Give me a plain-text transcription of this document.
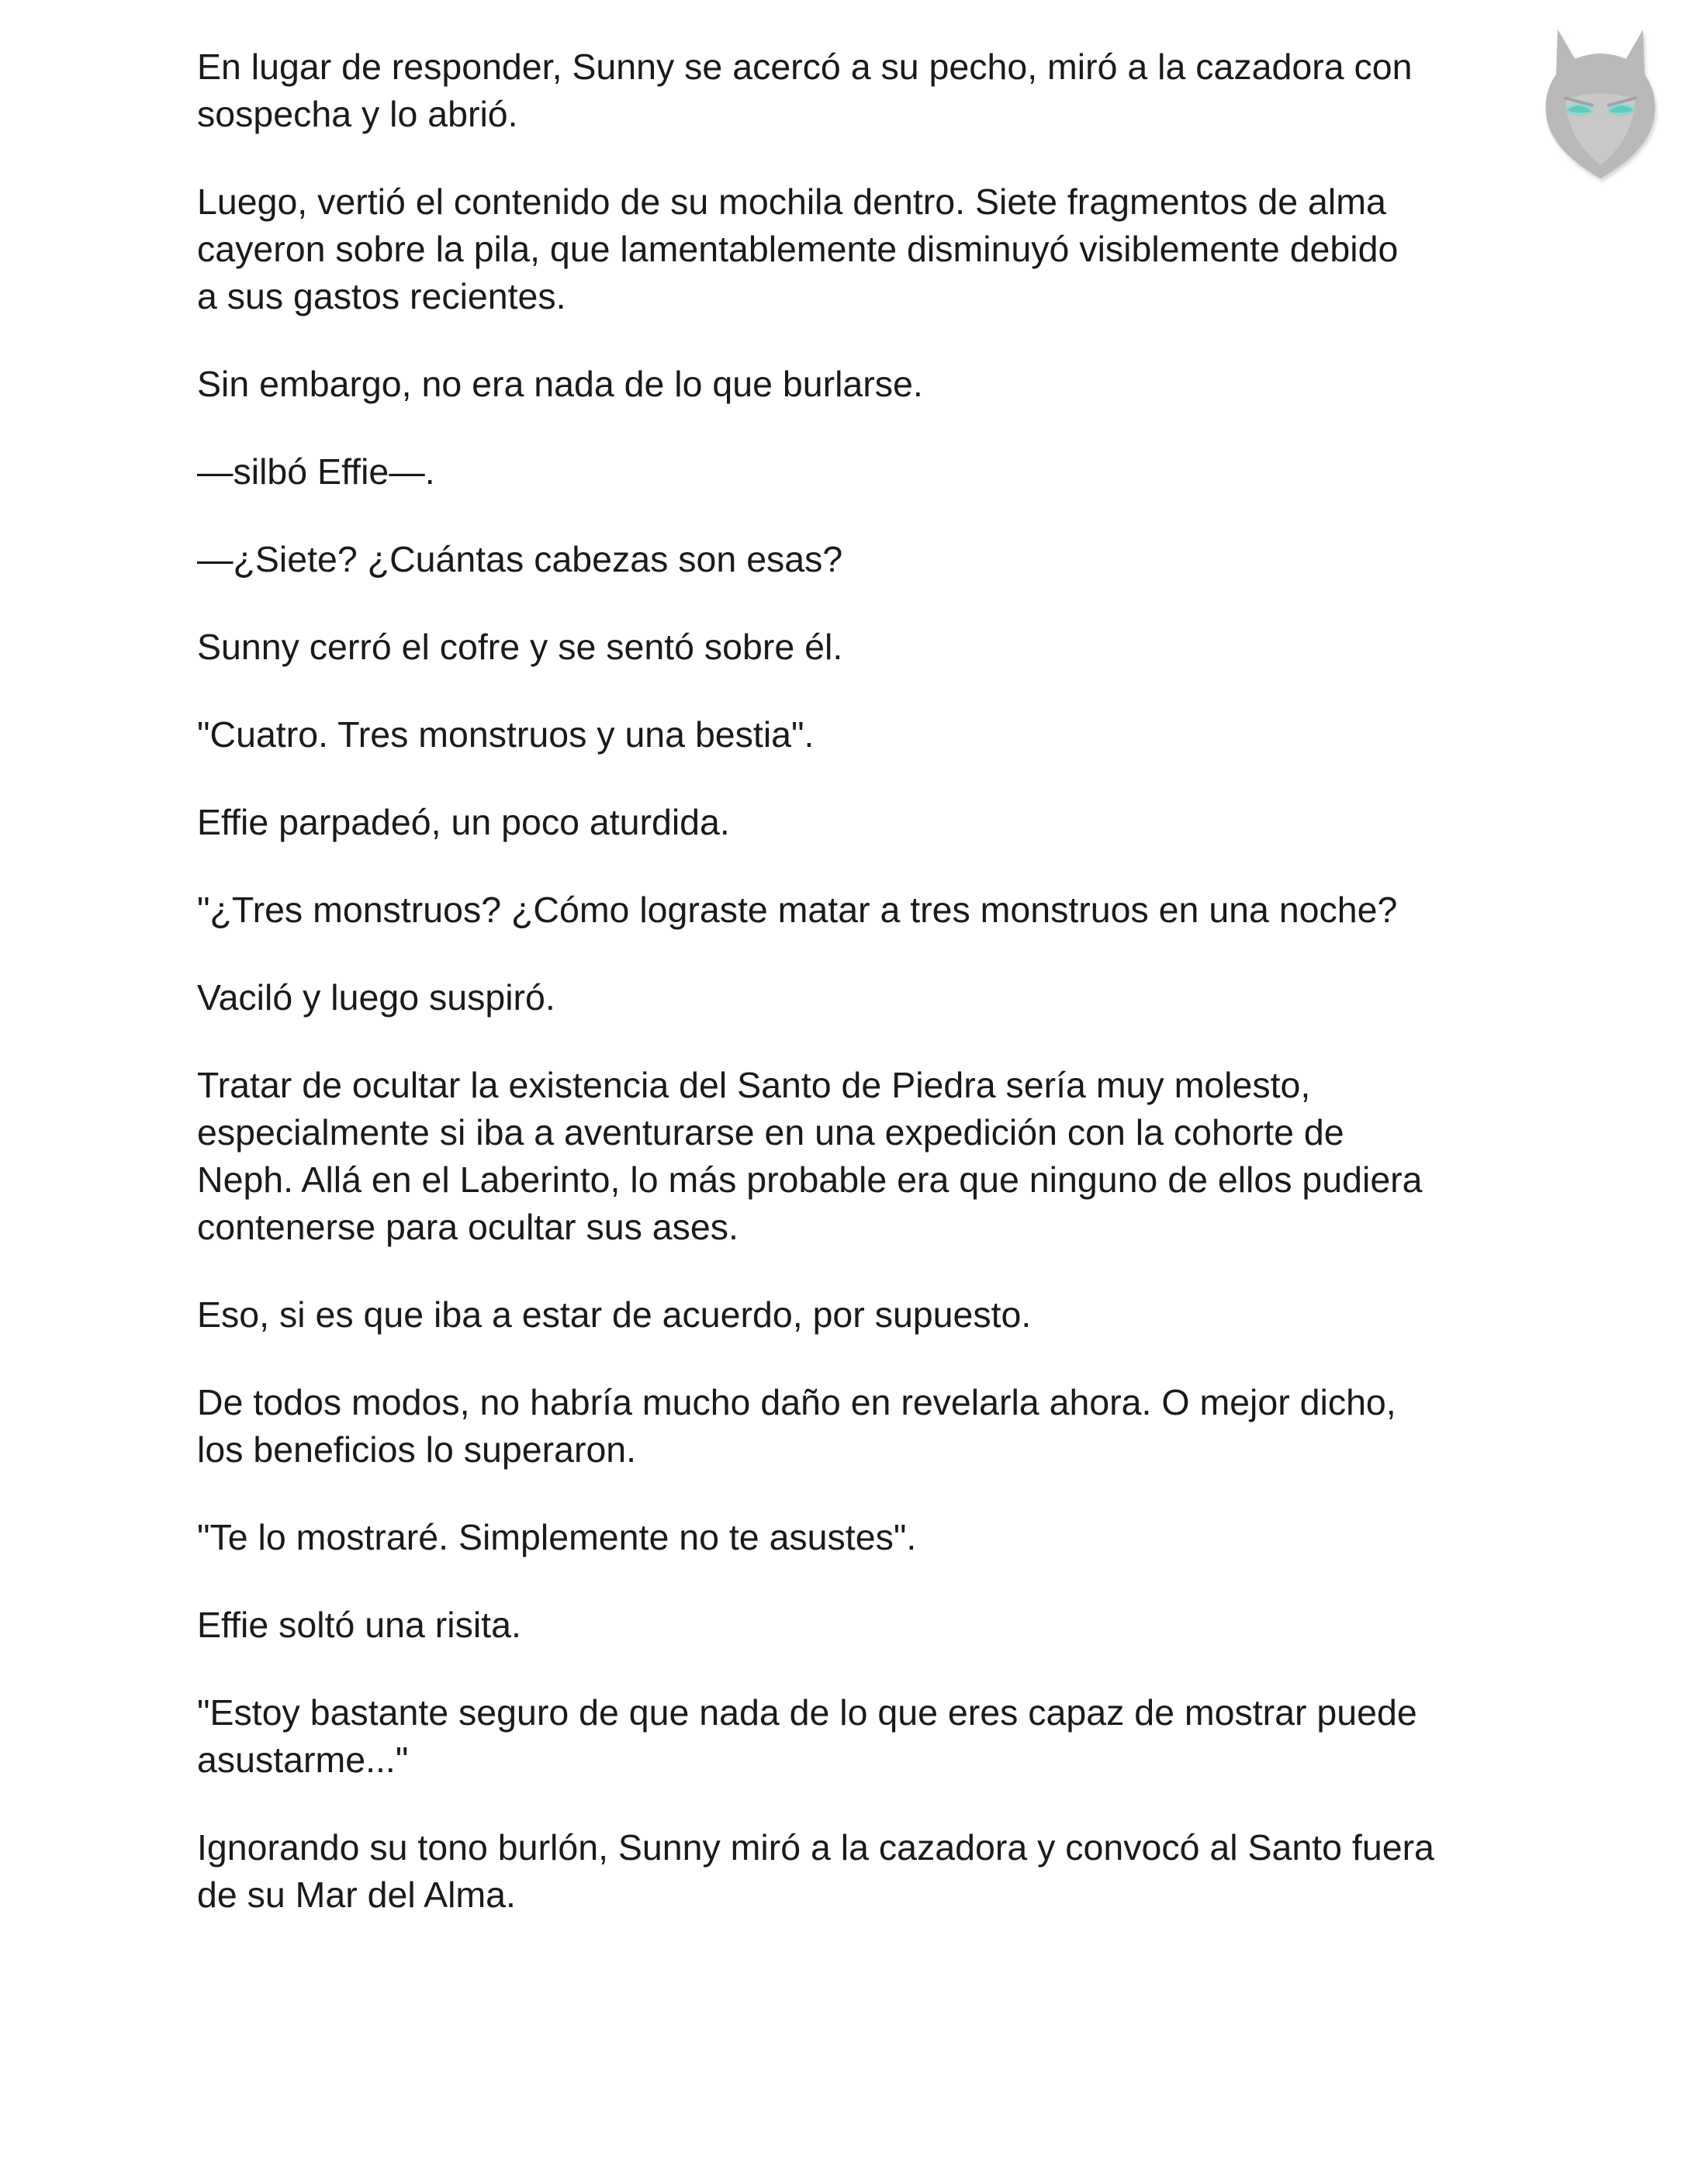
En lugar de responder, Sunny se acercó a su pecho, miró a la cazadora con
sospecha y lo abrió.

Luego, vertió el contenido de su mochila dentro. Siete fragmentos de alma
cayeron sobre la pila, que lamentablemente disminuyó visiblemente debido
a sus gastos recientes.

Sin embargo, no era nada de lo que burlarse.

—silbó Effie—.

—¿Siete? ¿Cuántas cabezas son esas?

Sunny cerró el cofre y se sentó sobre él.

"Cuatro. Tres monstruos y una bestia".

Effie parpadeó, un poco aturdida.

"¿Tres monstruos? ¿Cómo lograste matar a tres monstruos en una noche?

Vaciló y luego suspiró.

Tratar de ocultar la existencia del Santo de Piedra sería muy molesto,
especialmente si iba a aventurarse en una expedición con la cohorte de
Neph. Allá en el Laberinto, lo más probable era que ninguno de ellos pudiera
contenerse para ocultar sus ases.

Eso, si es que iba a estar de acuerdo, por supuesto.

De todos modos, no habría mucho daño en revelarla ahora. O mejor dicho,
los beneficios lo superaron.

"Te lo mostraré. Simplemente no te asustes".

Effie soltó una risita.

"Estoy bastante seguro de que nada de lo que eres capaz de mostrar puede
asustarme..."

Ignorando su tono burlón, Sunny miró a la cazadora y convocó al Santo fuera
de su Mar del Alma.
